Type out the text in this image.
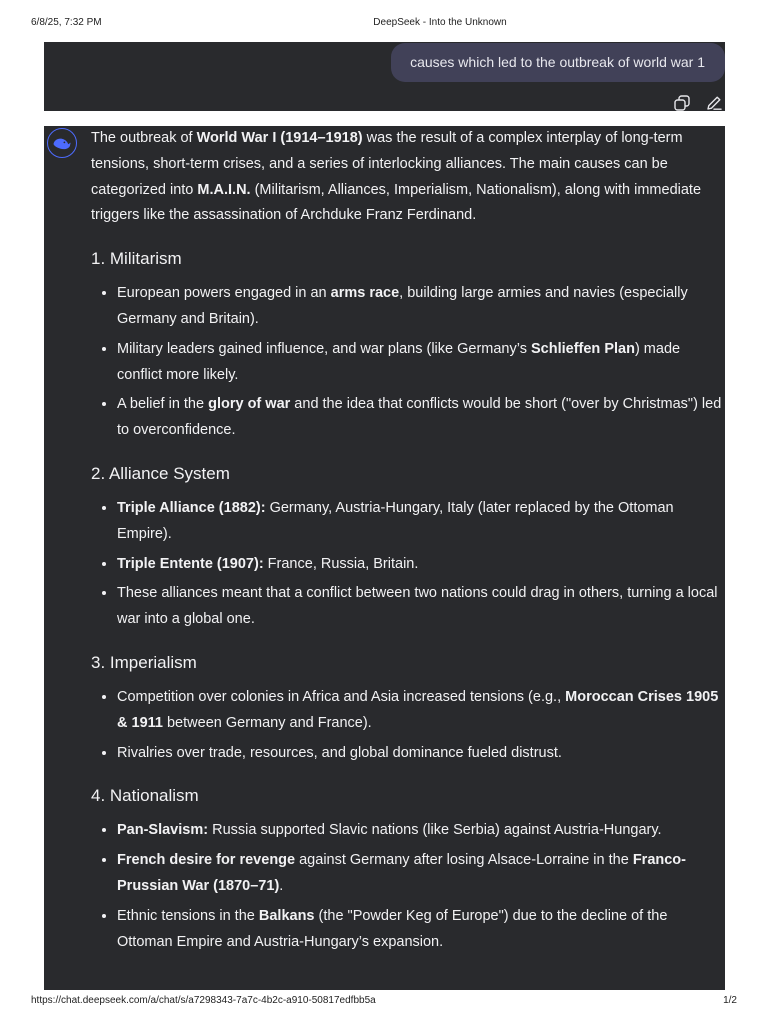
6/8/25, 7:32 PM	DeepSeek - Into the Unknown
causes which led to the outbreak of world war 1

The outbreak of World War I (1914–1918) was the result of a complex interplay of long-term tensions, short-term crises, and a series of interlocking alliances. The main causes can be categorized into M.A.I.N. (Militarism, Alliances, Imperialism, Nationalism), along with immediate triggers like the assassination of Archduke Franz Ferdinand.

1. Militarism
• European powers engaged in an arms race, building large armies and navies (especially Germany and Britain).
• Military leaders gained influence, and war plans (like Germany’s Schlieffen Plan) made conflict more likely.
• A belief in the glory of war and the idea that conflicts would be short ("over by Christmas") led to overconfidence.
2. Alliance System
• Triple Alliance (1882): Germany, Austria-Hungary, Italy (later replaced by the Ottoman Empire).
• Triple Entente (1907): France, Russia, Britain.
• These alliances meant that a conflict between two nations could drag in others, turning a local war into a global one.
3. Imperialism
• Competition over colonies in Africa and Asia increased tensions (e.g., Moroccan Crises 1905 & 1911 between Germany and France).
• Rivalries over trade, resources, and global dominance fueled distrust.
4. Nationalism
• Pan-Slavism: Russia supported Slavic nations (like Serbia) against Austria-Hungary.
• French desire for revenge against Germany after losing Alsace-Lorraine in the Franco-Prussian War (1870–71).
• Ethnic tensions in the Balkans (the "Powder Keg of Europe") due to the decline of the Ottoman Empire and Austria-Hungary’s expansion.
https://chat.deepseek.com/a/chat/s/a7298343-7a7c-4b2c-a910-50817edfbb5a	1/2
